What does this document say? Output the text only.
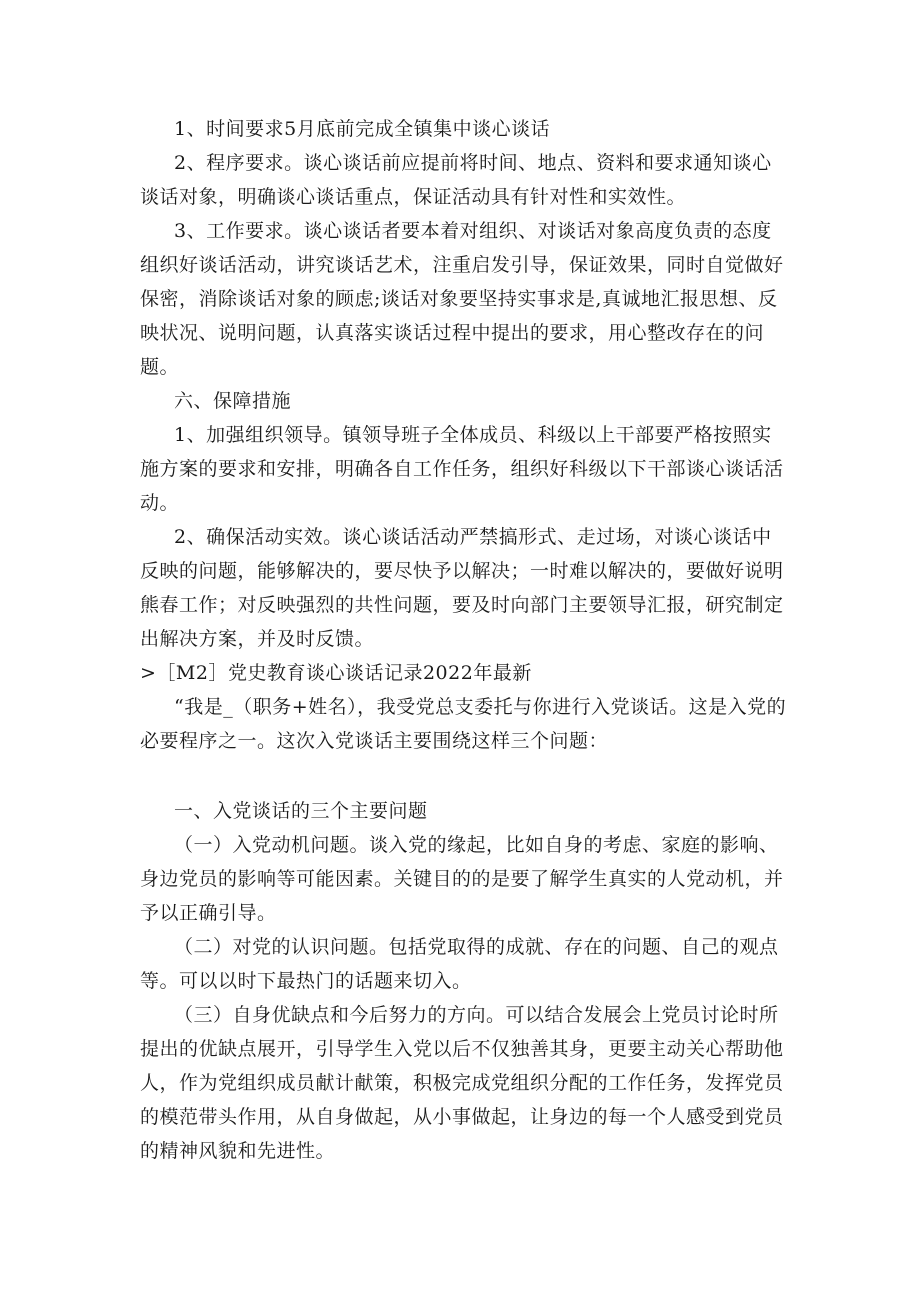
1、时间要求5月底前完成全镇集中谈心谈话

2、程序要求。谈心谈话前应提前将时间、地点、资料和要求通知谈心谈话对象，明确谈心谈话重点，保证活动具有针对性和实效性。

3、工作要求。谈心谈话者要本着对组织、对谈话对象高度负责的态度组织好谈话活动，讲究谈话艺术，注重启发引导，保证效果，同时自觉做好保密，消除谈话对象的顾虑;谈话对象要坚持实事求是,真诚地汇报思想、反映状况、说明问题，认真落实谈话过程中提出的要求，用心整改存在的问题。

六、保障措施

1、加强组织领导。镇领导班子全体成员、科级以上干部要严格按照实施方案的要求和安排，明确各自工作任务，组织好科级以下干部谈心谈话活动。

2、确保活动实效。谈心谈话活动严禁搞形式、走过场，对谈心谈话中反映的问题，能够解决的，要尽快予以解决；一时难以解决的，要做好说明熊春工作；对反映强烈的共性问题，要及时向部门主要领导汇报，研究制定出解决方案，并及时反馈。

>［M2］党史教育谈心谈话记录2022年最新

“我是_（职务+姓名），我受党总支委托与你进行入党谈话。这是入党的必要程序之一。这次入党谈话主要围绕这样三个问题：

一、入党谈话的三个主要问题

（一）入党动机问题。谈入党的缘起，比如自身的考虑、家庭的影响、身边党员的影响等可能因素。关键目的的是要了解学生真实的人党动机，并予以正确引导。

（二）对党的认识问题。包括党取得的成就、存在的问题、自己的观点等。可以以时下最热门的话题来切入。

（三）自身优缺点和今后努力的方向。可以结合发展会上党员讨论时所提出的优缺点展开，引导学生入党以后不仅独善其身，更要主动关心帮助他人，作为党组织成员献计献策，积极完成党组织分配的工作任务，发挥党员的模范带头作用，从自身做起，从小事做起，让身边的每一个人感受到党员的精神风貌和先进性。
